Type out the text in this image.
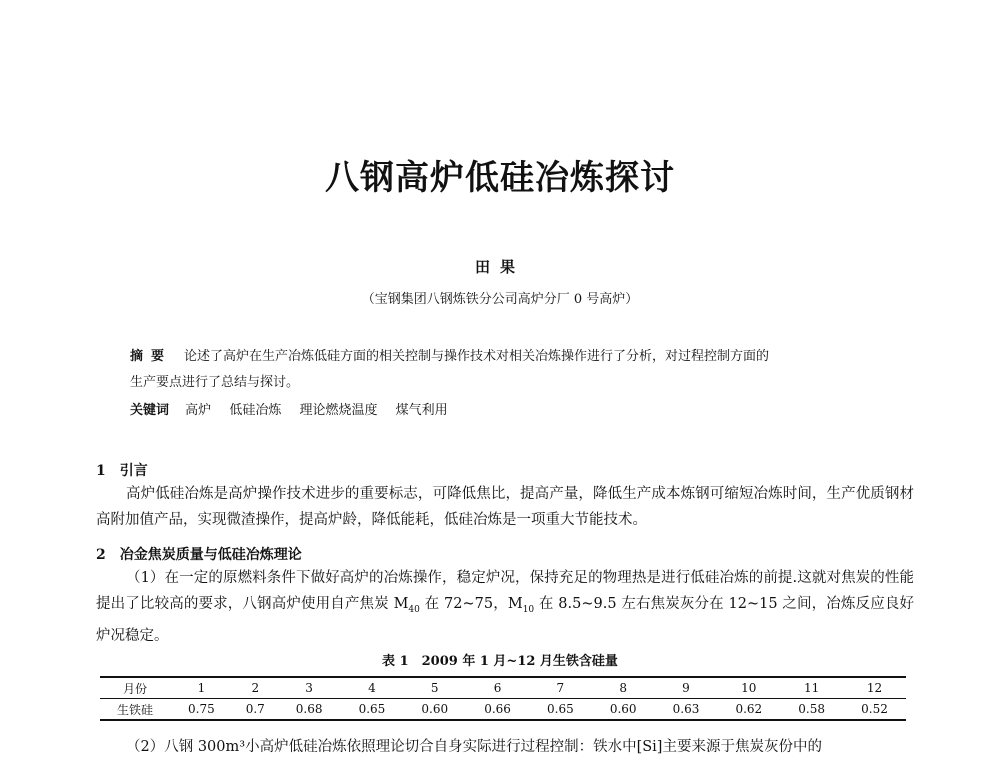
八钢高炉低硅冶炼探讨
田果
（宝钢集团八钢炼铁分公司高炉分厂 0 号高炉）
摘要 论述了高炉在生产冶炼低硅方面的相关控制与操作技术对相关冶炼操作进行了分析，对过程控制方面的
生产要点进行了总结与探讨。
关键词 高炉 低硅冶炼 理论燃烧温度 煤气利用
1 引言
高炉低硅冶炼是高炉操作技术进步的重要标志，可降低焦比，提高产量，降低生产成本炼钢可缩短冶炼时间，生产优质钢材高附加值产品，实现微渣操作，提高炉龄，降低能耗，低硅冶炼是一项重大节能技术。
2 冶金焦炭质量与低硅冶炼理论
（1）在一定的原燃料条件下做好高炉的冶炼操作，稳定炉况，保持充足的物理热是进行低硅冶炼的前提.这就对焦炭的性能提出了比较高的要求，八钢高炉使用自产焦炭 $M_{40}$ 在 72~75，$M_{10}$ 在 8.5~9.5 左右焦炭灰分在 12~15 之间，冶炼反应良好炉况稳定。
表 1　2009 年 1 月~12 月生铁含硅量
月份	1	2	3	4	5	6	7	8	9	10	11	12
生铁硅	0.75	0.7	0.68	0.65	0.60	0.66	0.65	0.60	0.63	0.62	0.58	0.52
（2）八钢 300m³小高炉低硅冶炼依照理论切合自身实际进行过程控制：铁水中[Si]主要来源于焦炭灰份中的
